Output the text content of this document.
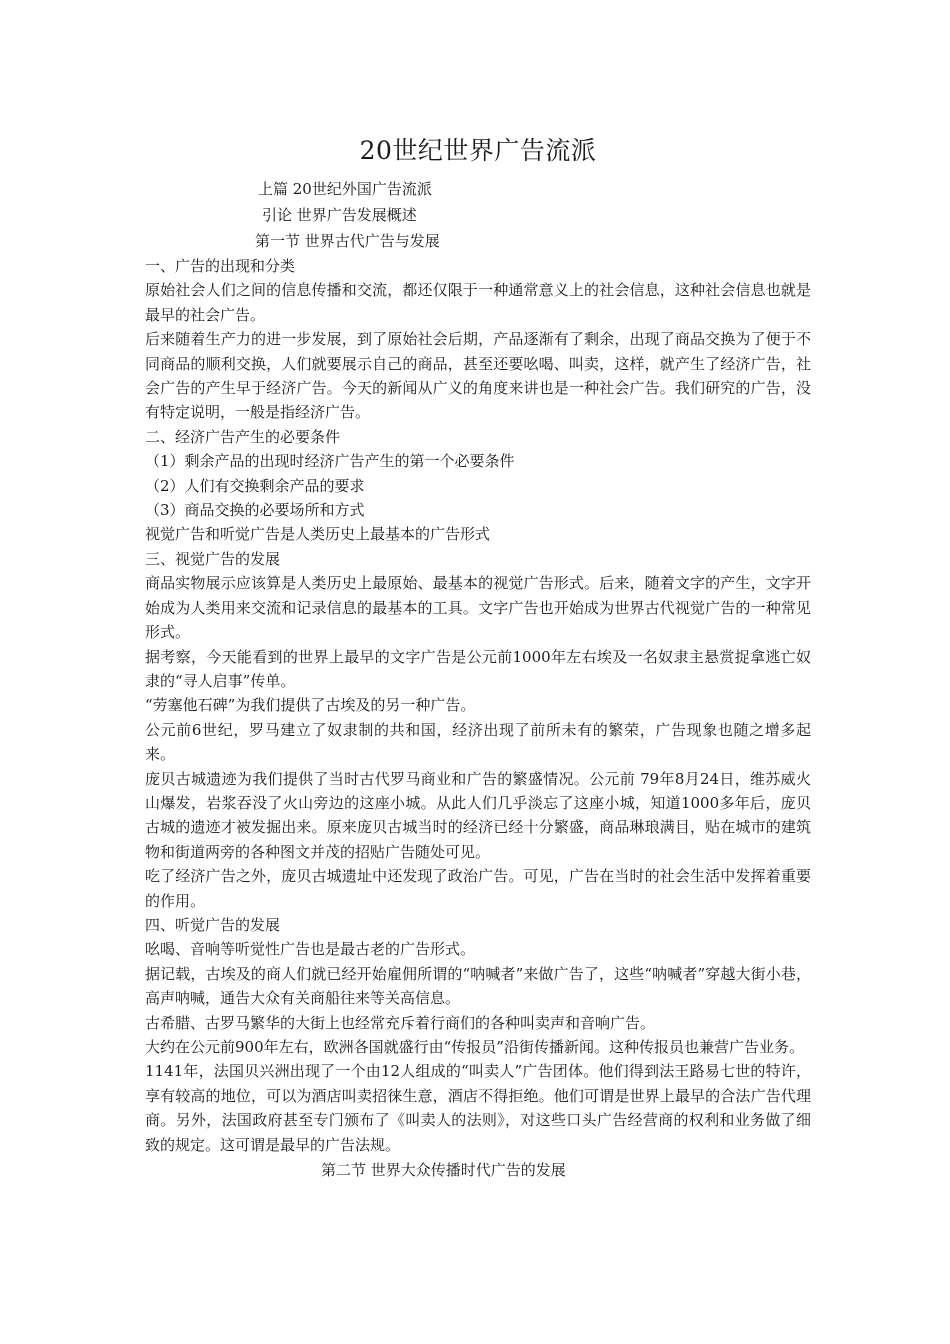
20世纪世界广告流派
上篇 20世纪外国广告流派
引论 世界广告发展概述
第一节 世界古代广告与发展

一、广告的出现和分类

原始社会人们之间的信息传播和交流，都还仅限于一种通常意义上的社会信息，这种社会信息也就是最早的社会广告。

后来随着生产力的进一步发展，到了原始社会后期，产品逐渐有了剩余，出现了商品交换为了便于不同商品的顺利交换，人们就要展示自己的商品，甚至还要吆喝、叫卖，这样，就产生了经济广告，社会广告的产生早于经济广告。今天的新闻从广义的角度来讲也是一种社会广告。我们研究的广告，没有特定说明，一般是指经济广告。

二、经济广告产生的必要条件

（1）剩余产品的出现时经济广告产生的第一个必要条件

（2）人们有交换剩余产品的要求

（3）商品交换的必要场所和方式

视觉广告和听觉广告是人类历史上最基本的广告形式

三、视觉广告的发展

商品实物展示应该算是人类历史上最原始、最基本的视觉广告形式。后来，随着文字的产生，文字开始成为人类用来交流和记录信息的最基本的工具。文字广告也开始成为世界古代视觉广告的一种常见形式。

据考察，今天能看到的世界上最早的文字广告是公元前1000年左右埃及一名奴隶主悬赏捉拿逃亡奴隶的“寻人启事”传单。

“劳塞他石碑”为我们提供了古埃及的另一种广告。

公元前6世纪，罗马建立了奴隶制的共和国，经济出现了前所未有的繁荣，广告现象也随之增多起来。

庞贝古城遗迹为我们提供了当时古代罗马商业和广告的繁盛情况。公元前 79年8月24日，维苏威火山爆发，岩浆吞没了火山旁边的这座小城。从此人们几乎淡忘了这座小城，知道1000多年后，庞贝古城的遗迹才被发掘出来。原来庞贝古城当时的经济已经十分繁盛，商品琳琅满目，贴在城市的建筑物和街道两旁的各种图文并茂的招贴广告随处可见。

吃了经济广告之外，庞贝古城遗址中还发现了政治广告。可见，广告在当时的社会生活中发挥着重要的作用。

四、听觉广告的发展

吆喝、音响等听觉性广告也是最古老的广告形式。

据记载，古埃及的商人们就已经开始雇佣所谓的“呐喊者”来做广告了，这些“呐喊者”穿越大街小巷，高声呐喊，通告大众有关商船往来等关高信息。

古希腊、古罗马繁华的大街上也经常充斥着行商们的各种叫卖声和音响广告。

大约在公元前900年左右，欧洲各国就盛行由“传报员”沿街传播新闻。这种传报员也兼营广告业务。

1141年，法国贝兴洲出现了一个由12人组成的“叫卖人”广告团体。他们得到法王路易七世的特许，享有较高的地位，可以为酒店叫卖招徕生意，酒店不得拒绝。他们可谓是世界上最早的合法广告代理商。另外，法国政府甚至专门颁布了《叫卖人的法则》，对这些口头广告经营商的权利和业务做了细致的规定。这可谓是最早的广告法规。

第二节 世界大众传播时代广告的发展
